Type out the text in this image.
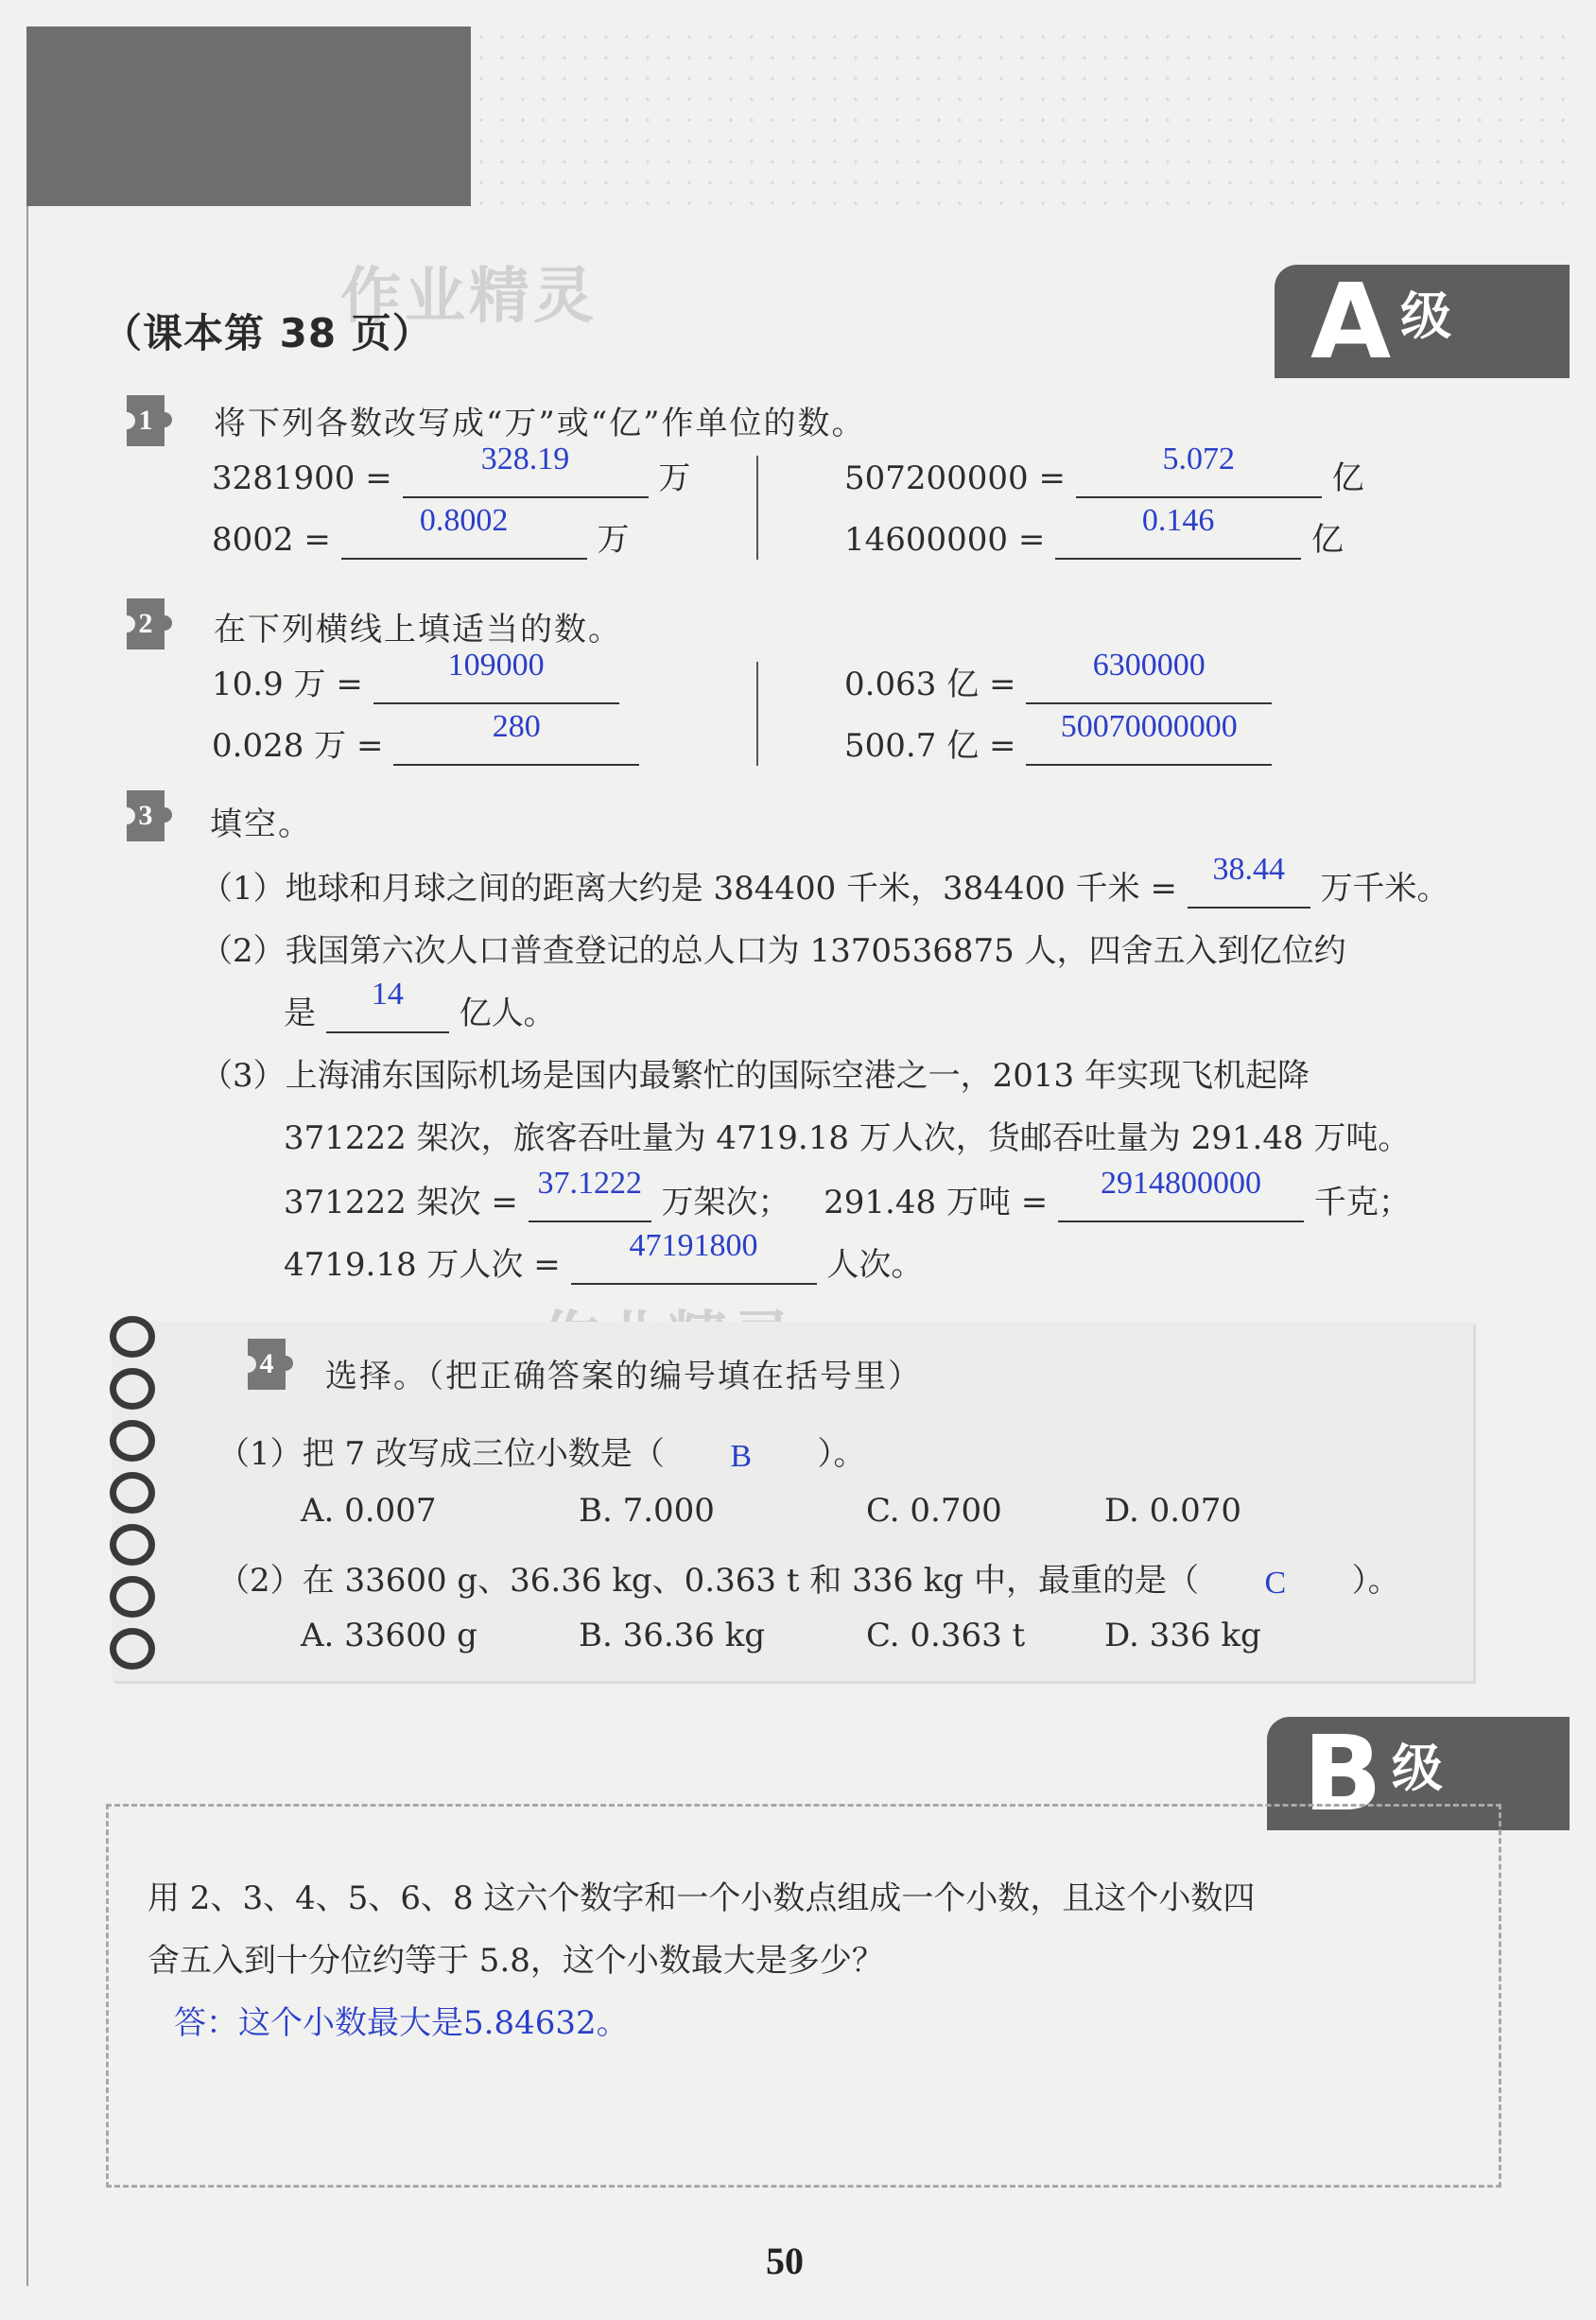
作业精灵
（课本第 38 页）	A 级
1 将下列各数改写成“万”或“亿”作单位的数。
3281900 = 328.19 万
8002 = 0.8002 万
507200000 = 5.072 亿
14600000 = 0.146 亿
2 在下列横线上填适当的数。
10.9 万 = 109000
0.028 万 = 280
0.063 亿 = 6300000
500.7 亿 = 50070000000
3 填空。
（1）地球和月球之间的距离大约是 384400 千米，384400 千米 = 38.44 万千米。
（2）我国第六次人口普查登记的总人口为 1370536875 人，四舍五入到亿位约
是 14 亿人。
（3）上海浦东国际机场是国内最繁忙的国际空港之一，2013 年实现飞机起降
371222 架次，旅客吞吐量为 4719.18 万人次，货邮吞吐量为 291.48 万吨。
371222 架次 = 37.1222 万架次； 291.48 万吨 = 2914800000 千克；
4719.18 万人次 = 47191800 人次。
4 选择。（把正确答案的编号填在括号里）
（1）把 7 改写成三位小数是（ B ）。
A. 0.007	B. 7.000	C. 0.700	D. 0.070
（2）在 33600 g、36.36 kg、0.363 t 和 336 kg 中，最重的是（ C ）。
A. 33600 g	B. 36.36 kg	C. 0.363 t	D. 336 kg
B 级
用 2、3、4、5、6、8 这六个数字和一个小数点组成一个小数，且这个小数四
舍五入到十分位约等于 5.8，这个小数最大是多少？
答：这个小数最大是5.84632。
50
